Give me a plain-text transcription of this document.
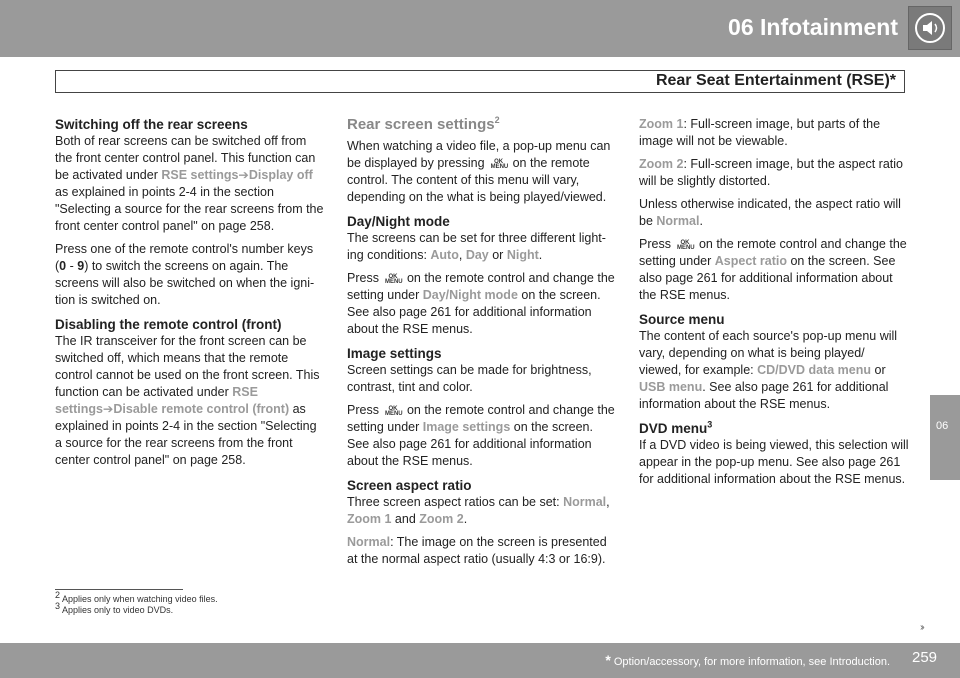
06 Infotainment
Rear Seat Entertainment (RSE)*
Switching off the rear screens

Both of rear screens can be switched off from the front center control panel. This function can be activated under RSE settings➔Display off as explained in points 2-4 in the section "Selecting a source for the rear screens from the front center control panel" on page 258.

Press one of the remote control's number keys (0 - 9) to switch the screens on again. The screens will also be switched on when the ignition is switched on.

Disabling the remote control (front)

The IR transceiver for the front screen can be switched off, which means that the remote control cannot be used on the front screen. This function can be activated under RSE settings➔Disable remote control (front) as explained in points 2-4 in the section "Selecting a source for the rear screens from the front center control panel" on page 258.

Rear screen settings$^2$

When watching a video file, a pop-up menu can be displayed by pressing OK
MENU on the remote control. The content of this menu will vary, depending on the what is being played/viewed.

Day/Night mode

The screens can be set for three different lighting conditions: Auto, Day or Night.

Press OK
MENU on the remote control and change the setting under Day/Night mode on the screen. See also page 261 for additional information about the RSE menus.

Image settings

Screen settings can be made for brightness, contrast, tint and color.

Press OK
MENU on the remote control and change the setting under Image settings on the screen. See also page 261 for additional information about the RSE menus.

Screen aspect ratio

Three screen aspect ratios can be set: Normal, Zoom 1 and Zoom 2.

Normal: The image on the screen is presented at the normal aspect ratio (usually 4:3 or 16:9).

Zoom 1: Full-screen image, but parts of the image will not be viewable.

Zoom 2: Full-screen image, but the aspect ratio will be slightly distorted.

Unless otherwise indicated, the aspect ratio will be Normal.

Press OK
MENU on the remote control and change the setting under Aspect ratio on the screen. See also page 261 for additional information about the RSE menus.

Source menu

The content of each source's pop-up menu will vary, depending on what is being played/ viewed, for example: CD/DVD data menu or USB menu. See also page 261 for additional information about the RSE menus.

DVD menu$^3$

If a DVD video is being viewed, this selection will appear in the pop-up menu. See also page 261 for additional information about the RSE menus.

06
$^2$ Applies only when watching video files.
$^3$ Applies only to video DVDs.
››
* Option/accessory, for more information, see Introduction. 259
